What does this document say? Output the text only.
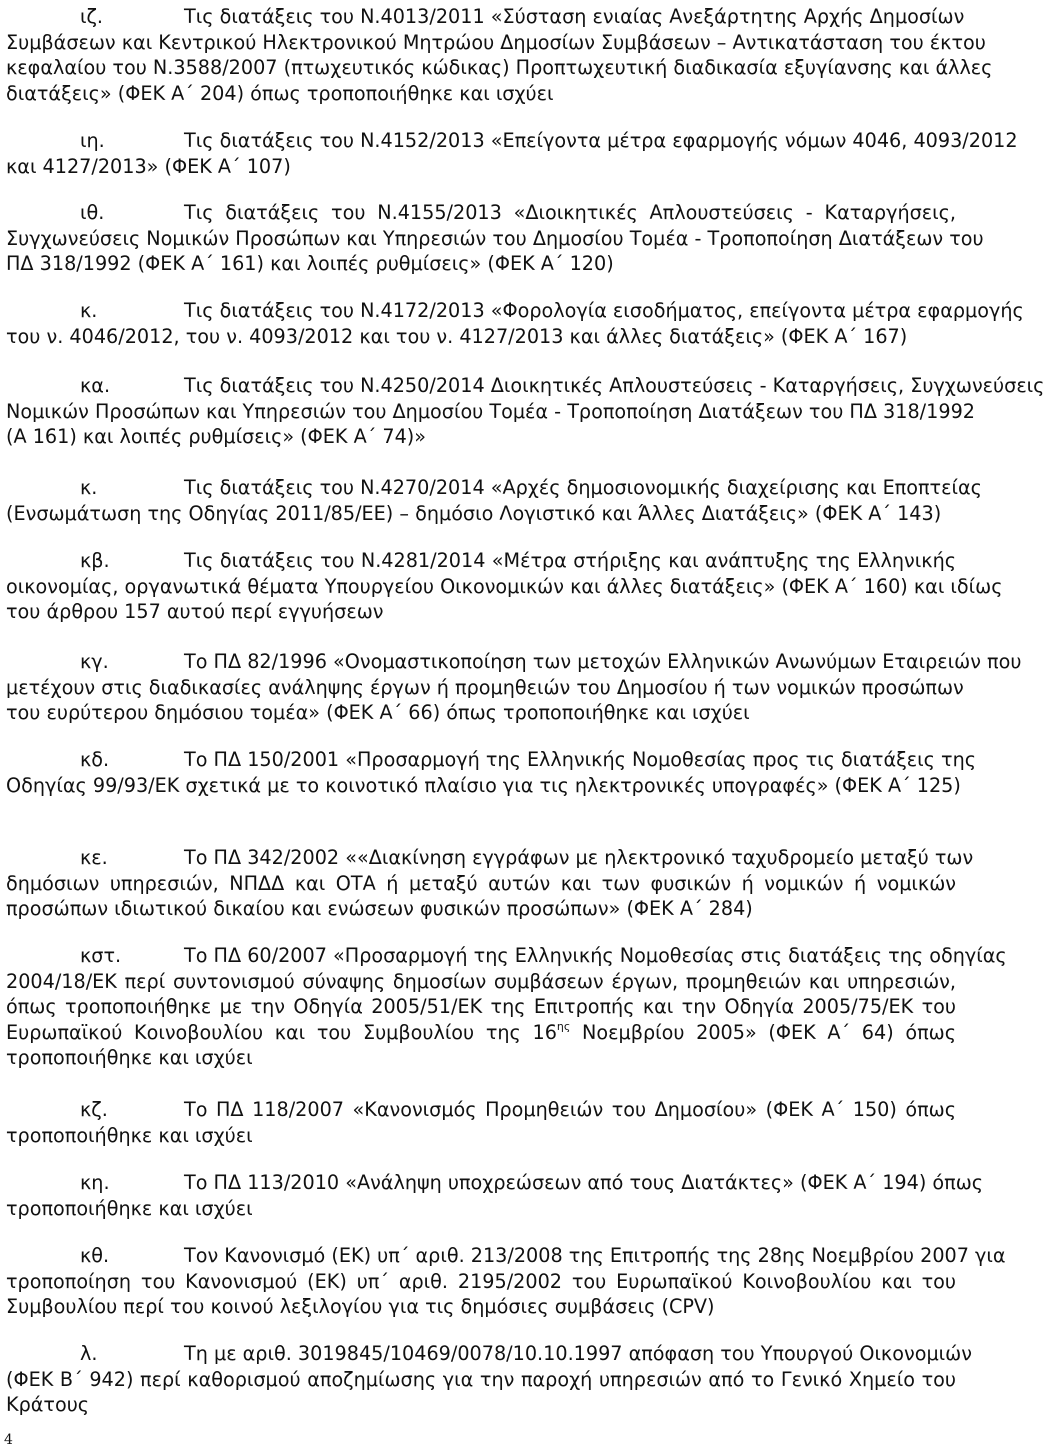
ιζ.	Τις διατάξεις του Ν.4013/2011 «Σύσταση ενιαίας Ανεξάρτητης Αρχής Δημοσίων
Συμβάσεων και Κεντρικού Ηλεκτρονικού Μητρώου Δημοσίων Συμβάσεων – Αντικατάσταση του έκτου
κεφαλαίου του Ν.3588/2007 (πτωχευτικός κώδικας) Προπτωχευτική διαδικασία εξυγίανσης και άλλες
διατάξεις» (ΦΕΚ Α΄ 204) όπως τροποποιήθηκε και ισχύει
ιη.	Τις διατάξεις του Ν.4152/2013 «Επείγοντα μέτρα εφαρμογής νόμων 4046, 4093/2012
και 4127/2013» (ΦΕΚ Α΄ 107)
ιθ.	Τις διατάξεις του Ν.4155/2013 «Διοικητικές Απλουστεύσεις - Καταργήσεις,
Συγχωνεύσεις Νομικών Προσώπων και Υπηρεσιών του Δημοσίου Τομέα - Τροποποίηση Διατάξεων του
ΠΔ 318/1992 (ΦΕΚ Α΄ 161) και λοιπές ρυθμίσεις» (ΦΕΚ Α΄ 120)
κ.	Τις διατάξεις του Ν.4172/2013 «Φορολογία εισοδήματος, επείγοντα μέτρα εφαρμογής
του ν. 4046/2012, του ν. 4093/2012 και του ν. 4127/2013 και άλλες διατάξεις» (ΦΕΚ Α΄ 167)
κα.	Τις διατάξεις του Ν.4250/2014 Διοικητικές Απλουστεύσεις - Καταργήσεις, Συγχωνεύσεις
Νομικών Προσώπων και Υπηρεσιών του Δημοσίου Τομέα - Τροποποίηση Διατάξεων του ΠΔ 318/1992
(Α 161) και λοιπές ρυθμίσεις» (ΦΕΚ Α΄ 74)»
κ.	Τις διατάξεις του Ν.4270/2014 «Αρχές δημοσιονομικής διαχείρισης και Εποπτείας
(Ενσωμάτωση της Οδηγίας 2011/85/ΕΕ) – δημόσιο Λογιστικό και Άλλες Διατάξεις» (ΦΕΚ Α΄ 143)
κβ.	Τις διατάξεις του Ν.4281/2014 «Μέτρα στήριξης και ανάπτυξης της Ελληνικής
οικονομίας, οργανωτικά θέματα Υπουργείου Οικονομικών και άλλες διατάξεις» (ΦΕΚ Α΄ 160) και ιδίως
του άρθρου 157 αυτού περί εγγυήσεων
κγ.	Το ΠΔ 82/1996 «Ονομαστικοποίηση των μετοχών Ελληνικών Ανωνύμων Εταιρειών που
μετέχουν στις διαδικασίες ανάληψης έργων ή προμηθειών του Δημοσίου ή των νομικών προσώπων
του ευρύτερου δημόσιου τομέα» (ΦΕΚ Α΄ 66) όπως τροποποιήθηκε και ισχύει
κδ.	Το ΠΔ 150/2001 «Προσαρμογή της Ελληνικής Νομοθεσίας προς τις διατάξεις της
Οδηγίας 99/93/ΕΚ σχετικά με το κοινοτικό πλαίσιο για τις ηλεκτρονικές υπογραφές» (ΦΕΚ Α΄ 125)
κε.	Το ΠΔ 342/2002 ««Διακίνηση εγγράφων με ηλεκτρονικό ταχυδρομείο μεταξύ των
δημόσιων υπηρεσιών, ΝΠΔΔ και ΟΤΑ ή μεταξύ αυτών και των φυσικών ή νομικών ή νομικών
προσώπων ιδιωτικού δικαίου και ενώσεων φυσικών προσώπων» (ΦΕΚ Α΄ 284)
κστ.	Το ΠΔ 60/2007 «Προσαρμογή της Ελληνικής Νομοθεσίας στις διατάξεις της οδηγίας
2004/18/ΕΚ περί συντονισμού σύναψης δημοσίων συμβάσεων έργων, προμηθειών και υπηρεσιών,
όπως τροποποιήθηκε με την Οδηγία 2005/51/ΕΚ της Επιτροπής και την Οδηγία 2005/75/ΕΚ του
Ευρωπαϊκού Κοινοβουλίου και του Συμβουλίου της $16^{\eta\varsigma}$ Νοεμβρίου 2005» (ΦΕΚ Α΄ 64) όπως
τροποποιήθηκε και ισχύει
κζ.	Το ΠΔ 118/2007 «Κανονισμός Προμηθειών του Δημοσίου» (ΦΕΚ Α΄ 150) όπως
τροποποιήθηκε και ισχύει
κη.	Το ΠΔ 113/2010 «Ανάληψη υποχρεώσεων από τους Διατάκτες» (ΦΕΚ Α΄ 194) όπως
τροποποιήθηκε και ισχύει
κθ.	Τον Κανονισμό (ΕΚ) υπ΄ αριθ. 213/2008 της Επιτροπής της 28ης Νοεμβρίου 2007 για
τροποποίηση του Κανονισμού (ΕΚ) υπ΄ αριθ. 2195/2002 του Ευρωπαϊκού Κοινοβουλίου και του
Συμβουλίου περί του κοινού λεξιλογίου για τις δημόσιες συμβάσεις (CPV)
λ.	Τη με αριθ. 3019845/10469/0078/10.10.1997 απόφαση του Υπουργού Οικονομιών
(ΦΕΚ Β΄ 942) περί καθορισμού αποζημίωσης για την παροχή υπηρεσιών από το Γενικό Χημείο του
Κράτους
4
